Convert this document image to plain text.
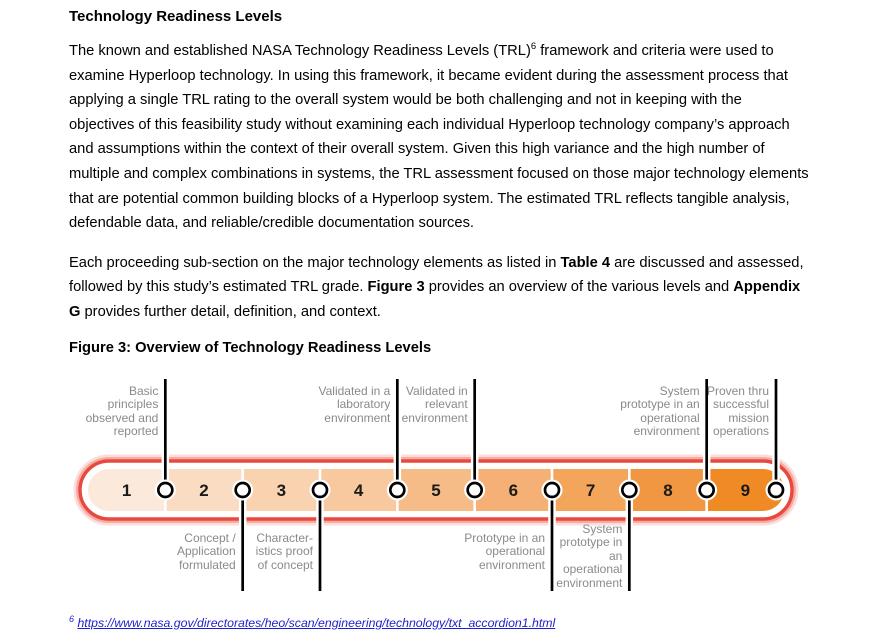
Technology Readiness Levels

The known and established NASA Technology Readiness Levels (TRL)$^6$ framework and criteria were used to examine Hyperloop technology. In using this framework, it became evident during the assessment process that applying a single TRL rating to the overall system would be both challenging and not in keeping with the objectives of this feasibility study without examining each individual Hyperloop technology company’s approach and assumptions within the context of their overall system. Given this high variance and the high number of multiple and complex combinations in systems, the TRL assessment focused on those major technology elements that are potential common building blocks of a Hyperloop system. The estimated TRL reflects tangible analysis, defendable data, and reliable/credible documentation sources.

Each proceeding sub-section on the major technology elements as listed in Table 4 are discussed and assessed, followed by this study’s estimated TRL grade. Figure 3 provides an overview of the various levels and Appendix G provides further detail, definition, and context.

Figure 3: Overview of Technology Readiness Levels
1	2	3	4	5	6	7	8	9
Basic
principles
observed and
reported
Validated in a
laboratory
environment
Validated in
relevant
environment
System
prototype in an
operational
environment
Proven thru
successful
mission
operations
Concept /
Application
formulated
Character-
istics proof
of concept
Prototype in an
operational
environment
System
prototype in
an
operational
environment
$^6$ https://www.nasa.gov/directorates/heo/scan/engineering/technology/txt_accordion1.html
